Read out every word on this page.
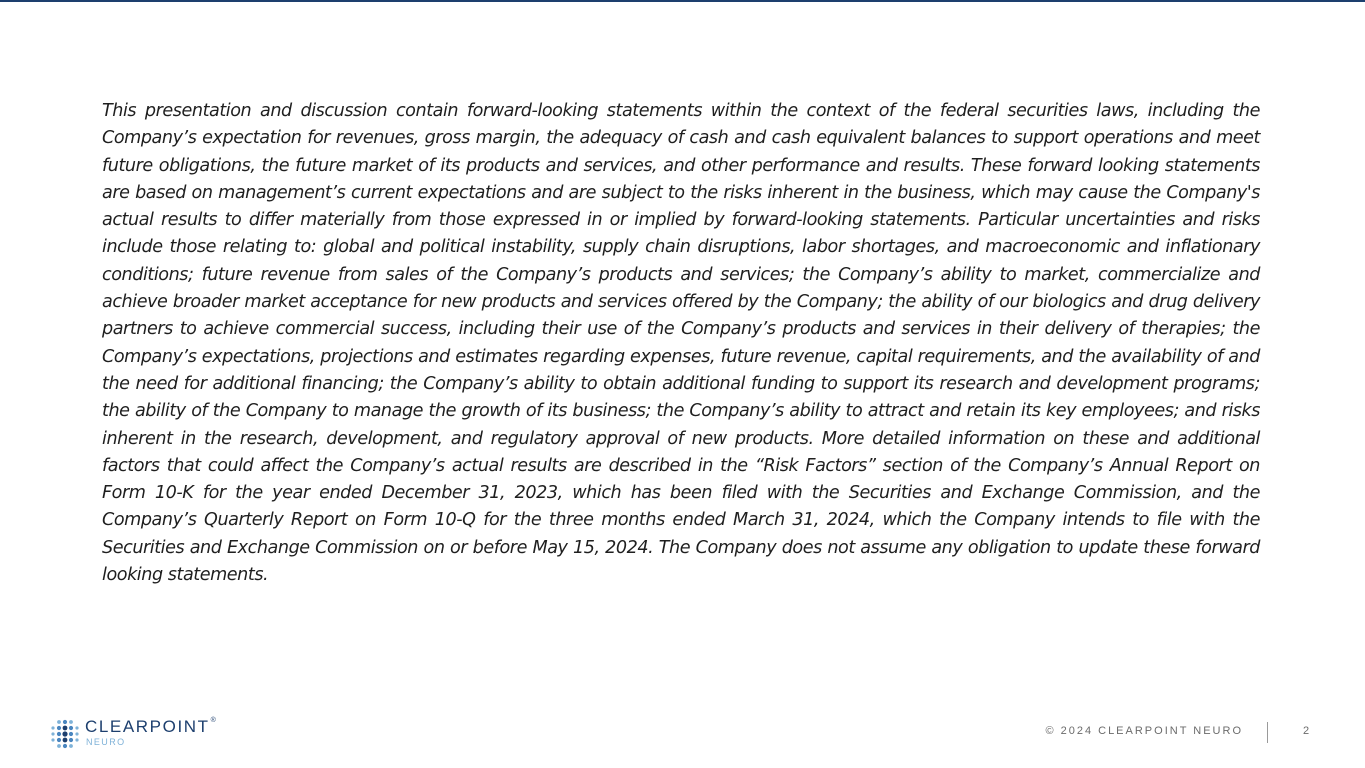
This presentation and discussion contain forward-looking statements within the context of the federal securities laws, including the Company’s expectation for revenues, gross margin, the adequacy of cash and cash equivalent balances to support operations and meet future obligations, the future market of its products and services, and other performance and results. These forward looking statements are based on management’s current expectations and are subject to the risks inherent in the business, which may cause the Company's actual results to differ materially from those expressed in or implied by forward-looking statements. Particular uncertainties and risks include those relating to: global and political instability, supply chain disruptions, labor shortages, and macroeconomic and inflationary conditions; future revenue from sales of the Company’s products and services; the Company’s ability to market, commercialize and achieve broader market acceptance for new products and services offered by the Company; the ability of our biologics and drug delivery partners to achieve commercial success, including their use of the Company’s products and services in their delivery of therapies; the Company’s expectations, projections and estimates regarding expenses, future revenue, capital requirements, and the availability of and the need for additional financing; the Company’s ability to obtain additional funding to support its research and development programs; the ability of the Company to manage the growth of its business; the Company’s ability to attract and retain its key employees; and risks inherent in the research, development, and regulatory approval of new products. More detailed information on these and additional factors that could affect the Company’s actual results are described in the “Risk Factors” section of the Company’s Annual Report on Form 10-K for the year ended December 31, 2023, which has been filed with the Securities and Exchange Commission, and the Company’s Quarterly Report on Form 10-Q for the three months ended March 31, 2024, which the Company intends to file with the Securities and Exchange Commission on or before May 15, 2024. The Company does not assume any obligation to update these forward looking statements.

CLEARPOINT®
NEURO
© 2024 CLEARPOINT NEURO	2
